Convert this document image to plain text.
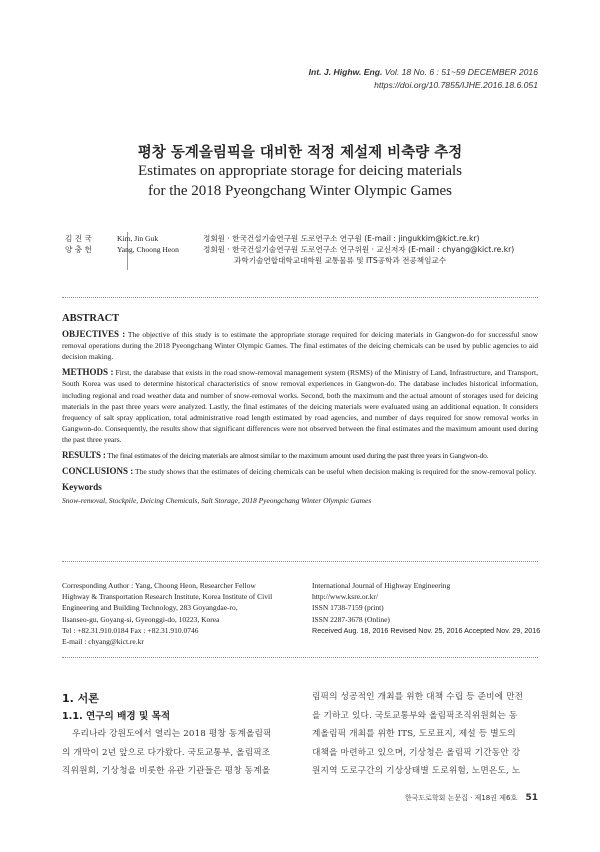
Int. J. Highw. Eng. Vol. 18 No. 6 : 51~59 DECEMBER 2016
https://doi.org/10.7855/IJHE.2016.18.6.051
평창 동계올림픽을 대비한 적정 제설제 비축량 추정
Estimates on appropriate storage for deicing materials
for the 2018 Pyeongchang Winter Olympic Games
김 진 국	Kim, Jin Guk	정회원 · 한국건설기술연구원 도로연구소 연구원 (E-mail : jingukkim@kict.re.kr)
양 충 헌	Yang, Choong Heon	정회원 · 한국건설기술연구원 도로연구소 연구위원 · 교신저자 (E-mail : chyang@kict.re.kr)
과학기술연합대학교대학원 교통물류 및 ITS공학과 전공책임교수
ABSTRACT

OBJECTIVES : The objective of this study is to estimate the appropriate storage required for deicing materials in Gangwon-do for successful snow removal operations during the 2018 Pyeongchang Winter Olympic Games. The final estimates of the deicing chemicals can be used by public agencies to aid decision making.

METHODS : First, the database that exists in the road snow-removal management system (RSMS) of the Ministry of Land, Infrastructure, and Transport, South Korea was used to determine historical characteristics of snow removal experiences in Gangwon-do. The database includes historical information, including regional and road weather data and number of snow-removal works. Second, both the maximum and the actual amount of storages used for deicing materials in the past three years were analyzed. Lastly, the final estimates of the deicing materials were evaluated using an additional equation. It considers frequency of salt spray application, total administrative road length estimated by road agencies, and number of days required for snow removal works in Gangwon-do. Consequently, the results show that significant differences were not observed between the final estimates and the maximum amount used during the past three years.

RESULTS : The final estimates of the deicing materials are almost similar to the maximum amount used during the past three years in Gangwon-do.

CONCLUSIONS : The study shows that the estimates of deicing chemicals can be useful when decision making is required for the snow-removal policy.

Keywords
Snow-removal, Stockpile, Deicing Chemicals, Salt Storage, 2018 Pyeongchang Winter Olympic Games
Corresponding Author : Yang, Choong Heon, Researcher Fellow
Highway & Transportation Research Institute, Korea Institute of Civil
Engineering and Building Technology, 283 Goyangdae-ro,
Ilsanseo-gu, Goyang-si, Gyeonggi-do, 10223, Korea
Tel : +82.31.910.0184 Fax : +82.31.910.0746
E-mail : chyang@kict.re.kr
International Journal of Highway Engineering
http://www.ksre.or.kr/
ISSN 1738-7159 (print)
ISSN 2287-3678 (Online)
Received Aug. 18, 2016 Revised Nov. 25, 2016 Accepted Nov. 29, 2016
1. 서론
1.1. 연구의 배경 및 목적
우리나라 강원도에서 열리는 2018 평창 동계올림픽
의 개막이 2년 앞으로 다가왔다. 국토교통부, 올림픽조
직위원회, 기상청을 비롯한 유관 기관들은 평창 동계올
림픽의 성공적인 개최를 위한 대책 수립 등 준비에 만전
을 기하고 있다. 국토교통부와 올림픽조직위원회는 동
계올림픽 개최를 위한 ITS, 도로표지, 제설 등 별도의
대책을 마련하고 있으며, 기상청은 올림픽 기간동안 강
원지역 도로구간의 기상상태별 도로위험, 노면온도, 노
한국도로학회 논문집 · 제18권 제6호 51
